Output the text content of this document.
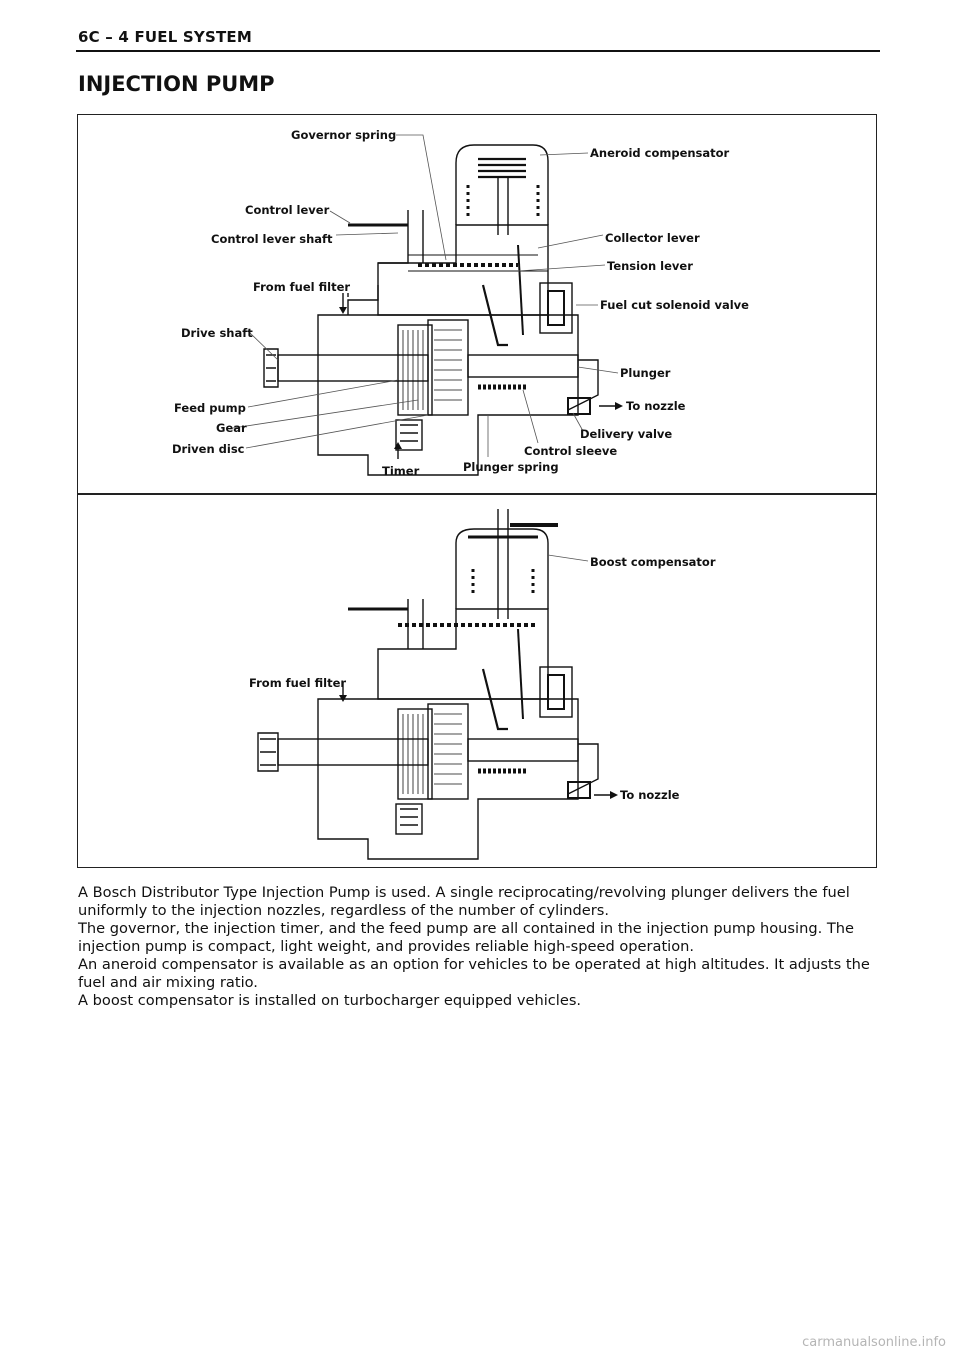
6C – 4 FUEL SYSTEM
INJECTION PUMP
Governor spring
Aneroid compensator
Control lever
Control lever shaft	Collector lever
Tension lever
From fuel filter
Fuel cut solenoid valve
Drive shaft
Plunger
Feed pump	To nozzle
Gear	Delivery valve
Driven disc	Control sleeve
Timer	Plunger spring
Boost compensator
From fuel filter
To nozzle

A Bosch Distributor Type Injection Pump is used. A single reciprocating/revolving plunger delivers the fuel uniformly to the injection nozzles, regardless of the number of cylinders.

The governor, the injection timer, and the feed pump are all contained in the injection pump housing. The injection pump is compact, light weight, and provides reliable high-speed operation.

An aneroid compensator is available as an option for vehicles to be operated at high altitudes. It adjusts the fuel and air mixing ratio.

A boost compensator is installed on turbocharger equipped vehicles.

carmanualsonline.info
